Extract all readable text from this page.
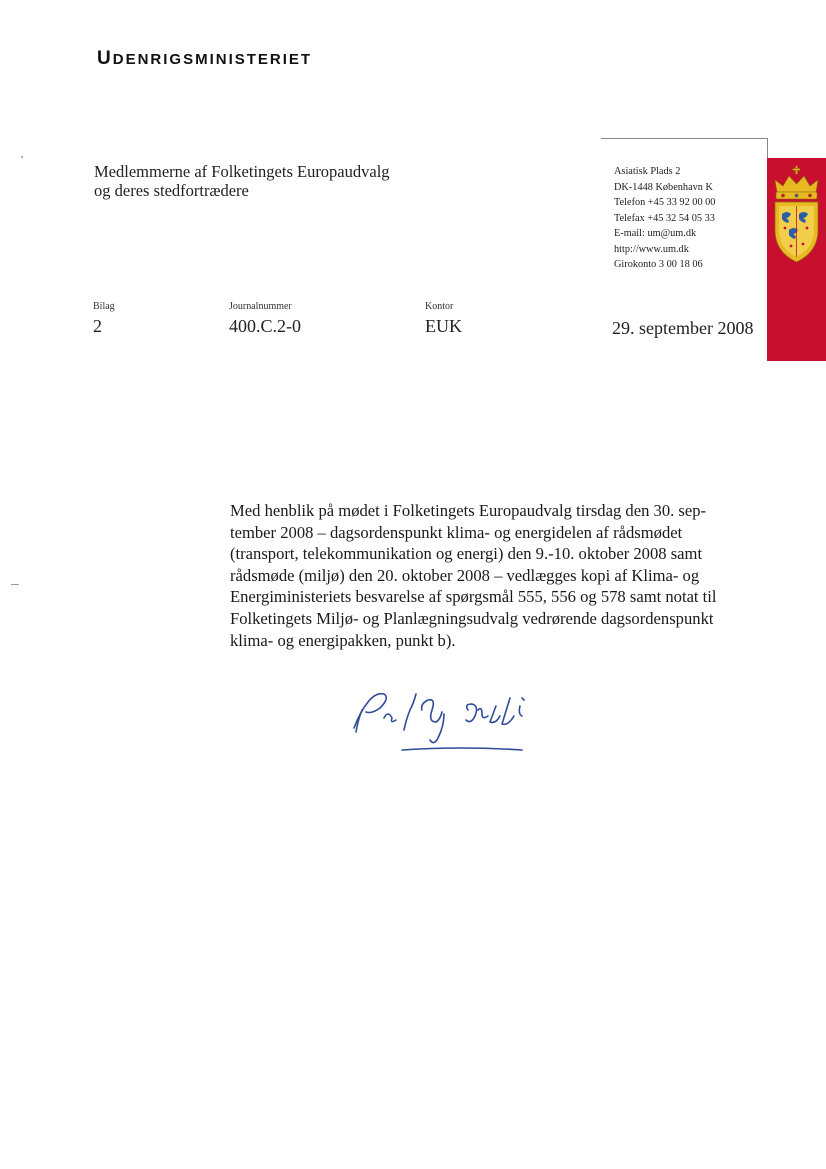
UDENRIGSMINISTERIET
Medlemmerne af Folketingets Europaudvalg
og deres stedfortrædere
Asiatisk Plads 2
DK-1448 København K
Telefon +45 33 92 00 00
Telefax +45 32 54 05 33
E-mail: um@um.dk
http://www.um.dk
Girokonto 3 00 18 06
Bilag
2
Journalnummer
400.C.2-0
Kontor
EUK	29. september 2008
Med henblik på mødet i Folketingets Europaudvalg tirsdag den 30. sep-
tember 2008 – dagsordenspunkt klima- og energidelen af rådsmødet
(transport, telekommunikation og energi) den 9.-10. oktober 2008 samt
rådsmøde (miljø) den 20. oktober 2008 – vedlægges kopi af Klima- og
Energiministeriets besvarelse af spørgsmål 555, 556 og 578 samt notat til
Folketingets Miljø- og Planlægningsudvalg vedrørende dagsordenspunkt
klima- og energipakken, punkt b).
